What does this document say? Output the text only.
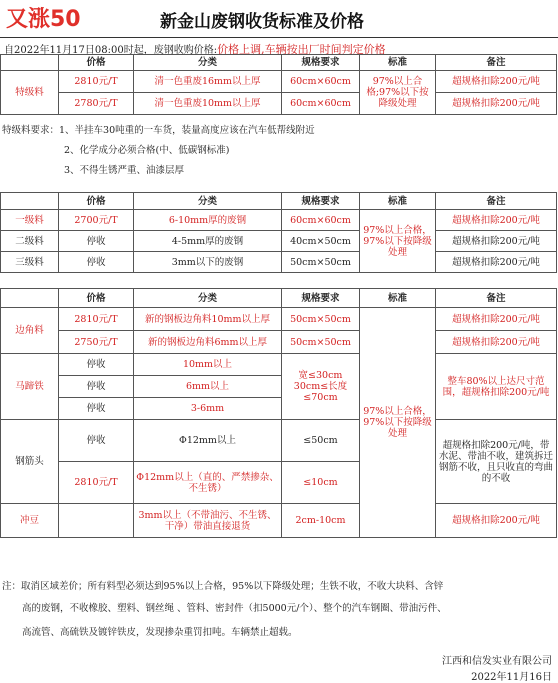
又涨50	新金山废钢收货标准及价格
自2022年11月17日08:00时起，废钢收购价格:价格上调,车辆按出厂时间判定价格
	价格	分类	规格要求	标准	备注
特级料	2810元/T	清一色重废16mm以上厚	60cm×60cm	97%以上合格;97%以下按降级处理	超规格扣除200元/吨
	2780元/T	清一色重废10mm以上厚	60cm×60cm		超规格扣除200元/吨
特级料要求：1、半挂车30吨重的一车货，装量高度应该在汽车低帮线附近
2、化学成分必须合格(中、低碳钢标准)
3、不得生锈严重、油漆层厚
	价格	分类	规格要求	标准	备注
一级料	2700元/T	6-10mm厚的废钢	60cm×60cm	97%以上合格，97%以下按降级处理	超规格扣除200元/吨
二级料	停收	4-5mm厚的废钢	40cm×50cm		超规格扣除200元/吨
三级料	停收	3mm以下的废钢	50cm×50cm		超规格扣除200元/吨
	价格	分类	规格要求	标准	备注
边角料	2810元/T	新的钢板边角料10mm以上厚	50cm×50cm	97%以上合格，97%以下按降级处理	超规格扣除200元/吨
	2750元/T	新的钢板边角料6mm以上厚	50cm×50cm		超规格扣除200元/吨
马蹄铁	停收	10mm以上	宽≤30cm 30cm≤长度≤70cm		整车80%以上达尺寸范围，超规格扣除200元/吨
	停收	6mm以上			
	停收	3-6mm			
钢筋头	停收	Φ12mm以上	≤50cm		超规格扣除200元/吨，带水泥、带油不收，建筑拆迁钢筋不收，且只收直的弯曲的不收
	2810元/T	Φ12mm以上（直的、严禁掺杂、不生锈）	≤10cm		
冲豆		3mm以上（不带油污、不生锈、干净）带油直接退货	2cm-10cm		超规格扣除200元/吨
注：取消区域差价；所有料型必须达到95%以上合格，95%以下降级处理；生铁不收，不收大块料、含锌
高的废钢，不收橡胶、塑料、钢丝绳 、管料、密封件（扣5000元/个）、整个的汽车钢圈、带油污件、
高流管、高硫铁及镀锌铁皮，发现掺杂重罚扣吨。车辆禁止超载。
江西和信发实业有限公司
2022年11月16日
